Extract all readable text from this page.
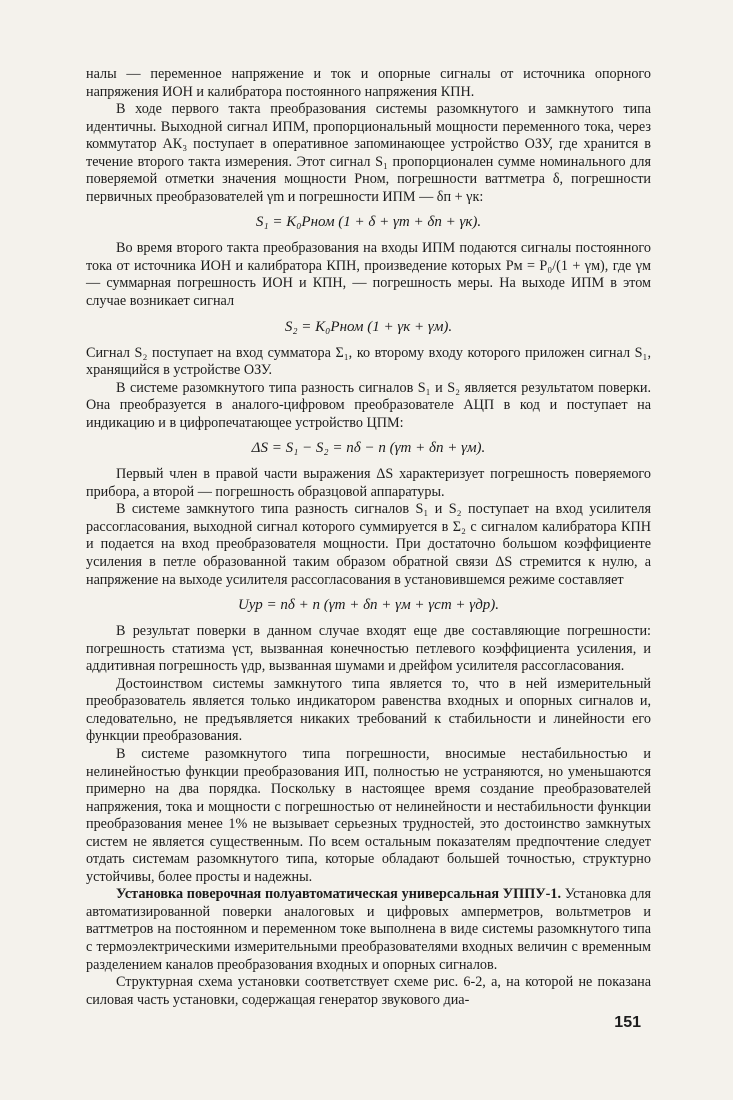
налы — переменное напряжение и ток и опорные сигналы от источника опорного напряжения ИОН и калибратора постоянного напряжения КПН.

В ходе первого такта преобразования системы разомкнутого и замкнутого типа идентичны. Выходной сигнал ИПМ, пропорциональный мощности переменного тока, через коммутатор АК₃ поступает в оперативное запоминающее устройство ОЗУ, где хранится в течение второго такта измерения. Этот сигнал S₁ пропорционален сумме номинального для поверяемой отметки значения мощности Pном, погрешности ваттметра δ, погрешности первичных преобразователей γm и погрешности ИПМ — δп + γк:

S₁ = K₀Pном (1 + δ + γm + δп + γк).

Во время второго такта преобразования на входы ИПМ подаются сигналы постоянного тока от источника ИОН и калибратора КПН, произведение которых Pм = P₀/(1 + γм), где γм — суммарная погрешность ИОН и КПН, — погрешность меры. На выходе ИПМ в этом случае возникает сигнал

S₂ = K₀Pном (1 + γк + γм).

Сигнал S₂ поступает на вход сумматора Σ₁, ко второму входу которого приложен сигнал S₁, хранящийся в устройстве ОЗУ.

В системе разомкнутого типа разность сигналов S₁ и S₂ является результатом поверки. Она преобразуется в аналого-цифровом преобразователе АЦП в код и поступает на индикацию и в цифропечатающее устройство ЦПМ:

ΔS = S₁ − S₂ = nδ − n (γm + δп + γм).

Первый член в правой части выражения ΔS характеризует погрешность поверяемого прибора, а второй — погрешность образцовой аппаратуры.

В системе замкнутого типа разность сигналов S₁ и S₂ поступает на вход усилителя рассогласования, выходной сигнал которого суммируется в Σ₂ с сигналом калибратора КПН и подается на вход преобразователя мощности. При достаточно большом коэффициенте усиления в петле образованной таким образом обратной связи ΔS стремится к нулю, а напряжение на выходе усилителя рассогласования в установившемся режиме составляет

Uур = nδ + n (γm + δп + γм + γст + γдр).

В результат поверки в данном случае входят еще две составляющие погрешности: погрешность статизма γст, вызванная конечностью петлевого коэффициента усиления, и аддитивная погрешность γдр, вызванная шумами и дрейфом усилителя рассогласования.

Достоинством системы замкнутого типа является то, что в ней измерительный преобразователь является только индикатором равенства входных и опорных сигналов и, следовательно, не предъявляется никаких требований к стабильности и линейности его функции преобразования.

В системе разомкнутого типа погрешности, вносимые нестабильностью и нелинейностью функции преобразования ИП, полностью не устраняются, но уменьшаются примерно на два порядка. Поскольку в настоящее время создание преобразователей напряжения, тока и мощности с погрешностью от нелинейности и нестабильности функции преобразования менее 1% не вызывает серьезных трудностей, это достоинство замкнутых систем не является существенным. По всем остальным показателям предпочтение следует отдать системам разомкнутого типа, которые обладают большей точностью, структурно устойчивы, более просты и надежны.

Установка поверочная полуавтоматическая универсальная УППУ-1. Установка для автоматизированной поверки аналоговых и цифровых амперметров, вольтметров и ваттметров на постоянном и переменном токе выполнена в виде системы разомкнутого типа с термоэлектрическими измерительными преобразователями входных величин с временным разделением каналов преобразования входных и опорных сигналов.

Структурная схема установки соответствует схеме рис. 6-2, а, на которой не показана силовая часть установки, содержащая генератор звукового диа-

151
